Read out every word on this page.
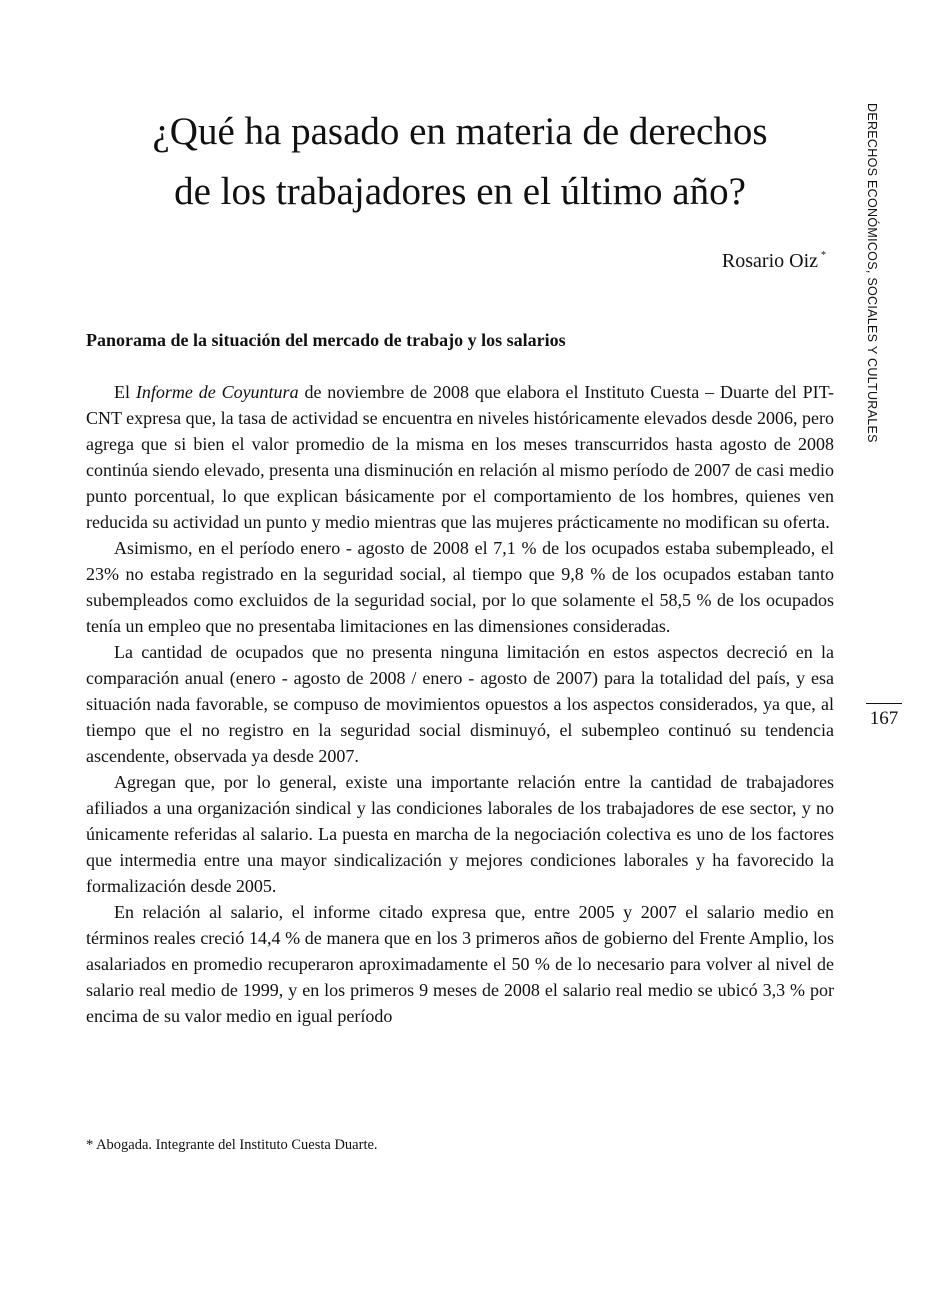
¿Qué ha pasado en materia de derechos
de los trabajadores en el último año?
Rosario Oiz *
Panorama de la situación del mercado de trabajo y los salarios

El Informe de Coyuntura de noviembre de 2008 que elabora el Instituto Cuesta – Duarte del PIT-CNT expresa que, la tasa de actividad se encuentra en niveles históricamente elevados desde 2006, pero agrega que si bien el valor promedio de la misma en los meses transcurridos hasta agosto de 2008 continúa siendo elevado, presenta una disminución en relación al mismo período de 2007 de casi medio punto porcentual, lo que explican básicamente por el comportamiento de los hombres, quienes ven reducida su actividad un punto y medio mientras que las mujeres prácticamente no modifican su oferta.

Asimismo, en el período enero - agosto de 2008 el 7,1 % de los ocupados estaba subempleado, el 23% no estaba registrado en la seguridad social, al tiempo que 9,8 % de los ocupados estaban tanto subempleados como excluidos de la seguridad social, por lo que solamente el 58,5 % de los ocupados tenía un empleo que no presentaba limitaciones en las dimensiones consideradas.

La cantidad de ocupados que no presenta ninguna limitación en estos aspectos decreció en la comparación anual (enero - agosto de 2008 / enero - agosto de 2007) para la totalidad del país, y esa situación nada favorable, se compuso de movimientos opuestos a los aspectos considerados, ya que, al tiempo que el no registro en la seguridad social disminuyó, el subempleo continuó su tendencia ascendente, observada ya desde 2007.

Agregan que, por lo general, existe una importante relación entre la cantidad de trabajadores afiliados a una organización sindical y las condiciones laborales de los trabajadores de ese sector, y no únicamente referidas al salario. La puesta en marcha de la negociación colectiva es uno de los factores que intermedia entre una mayor sindicalización y mejores condiciones laborales y ha favorecido la formalización desde 2005.

En relación al salario, el informe citado expresa que, entre 2005 y 2007 el salario medio en términos reales creció 14,4 % de manera que en los 3 primeros años de gobierno del Frente Amplio, los asalariados en promedio recuperaron aproximadamente el 50 % de lo necesario para volver al nivel de salario real medio de 1999, y en los primeros 9 meses de 2008 el salario real medio se ubicó 3,3 % por encima de su valor medio en igual período

* Abogada. Integrante del Instituto Cuesta Duarte.
DERECHOS ECONÓMICOS, SOCIALES Y CULTURALES
167
